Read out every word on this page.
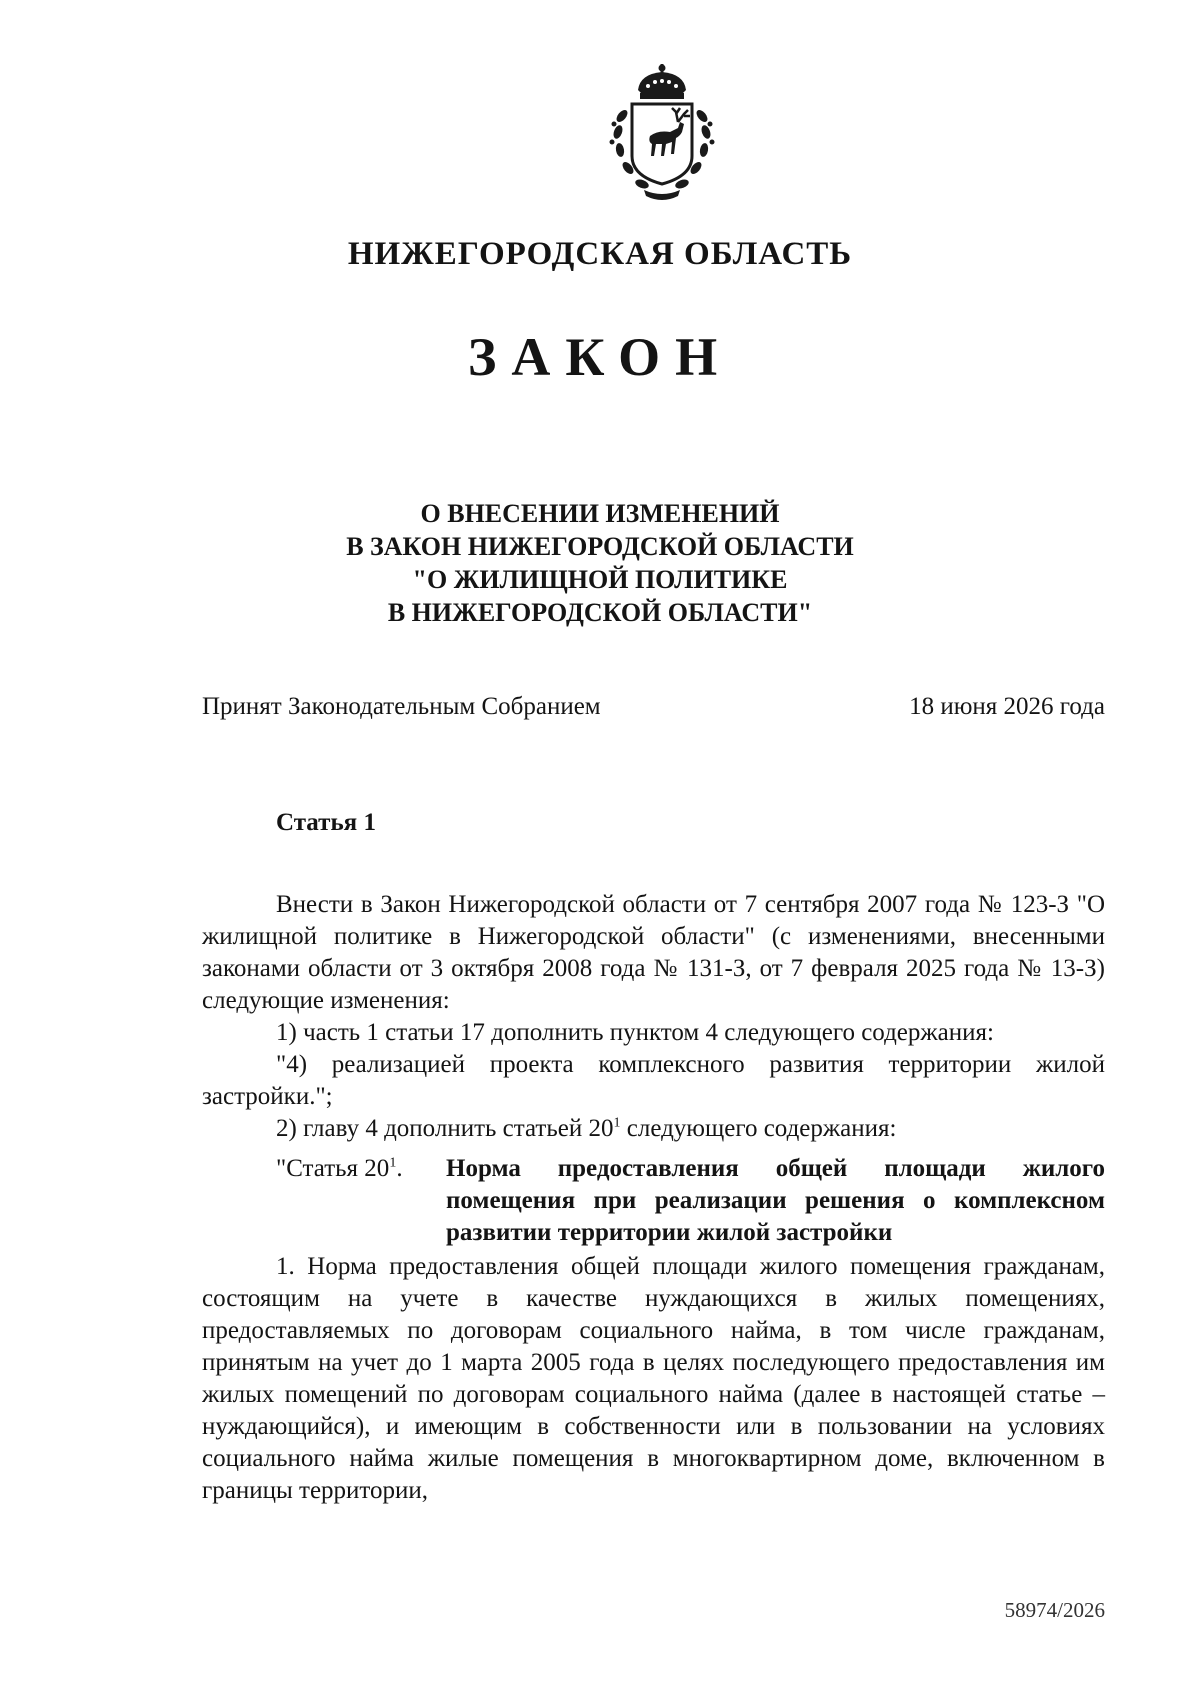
НИЖЕГОРОДСКАЯ ОБЛАСТЬ
ЗАКОН
О ВНЕСЕНИИ ИЗМЕНЕНИЙ
В ЗАКОН НИЖЕГОРОДСКОЙ ОБЛАСТИ
"О ЖИЛИЩНОЙ ПОЛИТИКЕ
В НИЖЕГОРОДСКОЙ ОБЛАСТИ"
Принят Законодательным Собранием	18 июня 2026 года
Статья 1

Внести в Закон Нижегородской области от 7 сентября 2007 года № 123-З "О жилищной политике в Нижегородской области" (с изменениями, внесенными законами области от 3 октября 2008 года № 131-З, от 7 февраля 2025 года № 13-З) следующие изменения:

1) часть 1 статьи 17 дополнить пунктом 4 следующего содержания:

"4) реализацией проекта комплексного развития территории жилой застройки.";

2) главу 4 дополнить статьей $20^1$ следующего содержания:

"Статья $20^1$. Норма предоставления общей площади жилого помещения при реализации решения о комплексном развитии территории жилой застройки

1. Норма предоставления общей площади жилого помещения гражданам, состоящим на учете в качестве нуждающихся в жилых помещениях, предоставляемых по договорам социального найма, в том числе гражданам, принятым на учет до 1 марта 2005 года в целях последующего предоставления им жилых помещений по договорам социального найма (далее в настоящей статье – нуждающийся), и имеющим в собственности или в пользовании на условиях социального найма жилые помещения в многоквартирном доме, включенном в границы территории,

58974/2026
